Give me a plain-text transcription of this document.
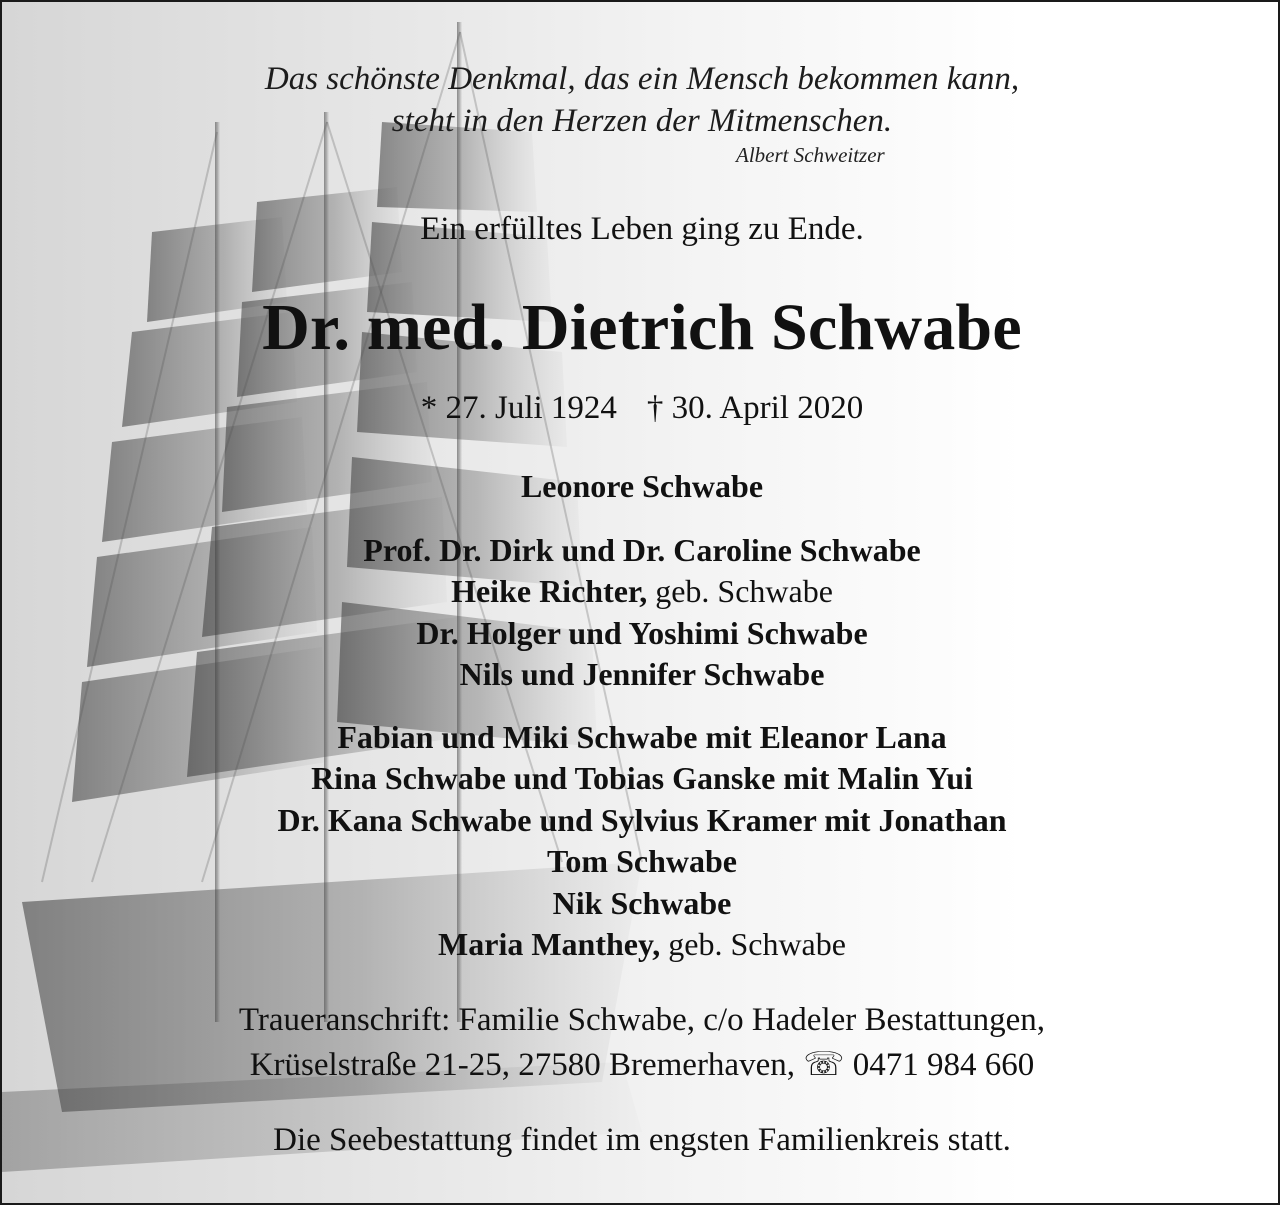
Das schönste Denkmal, das ein Mensch bekommen kann,

steht in den Herzen der Mitmenschen.

Albert Schweitzer

Ein erfülltes Leben ging zu Ende.

Dr. med. Dietrich Schwabe

* 27. Juli 1924 † 30. April 2020

Leonore Schwabe

Prof. Dr. Dirk und Dr. Caroline Schwabe

Heike Richter, geb. Schwabe

Dr. Holger und Yoshimi Schwabe

Nils und Jennifer Schwabe

Fabian und Miki Schwabe mit Eleanor Lana

Rina Schwabe und Tobias Ganske mit Malin Yui

Dr. Kana Schwabe und Sylvius Kramer mit Jonathan

Tom Schwabe

Nik Schwabe

Maria Manthey, geb. Schwabe

Traueranschrift: Familie Schwabe, c/o Hadeler Bestattungen,

Krüselstraße 21-25, 27580 Bremerhaven, ☏ 0471 984 660

Die Seebestattung findet im engsten Familienkreis statt.
